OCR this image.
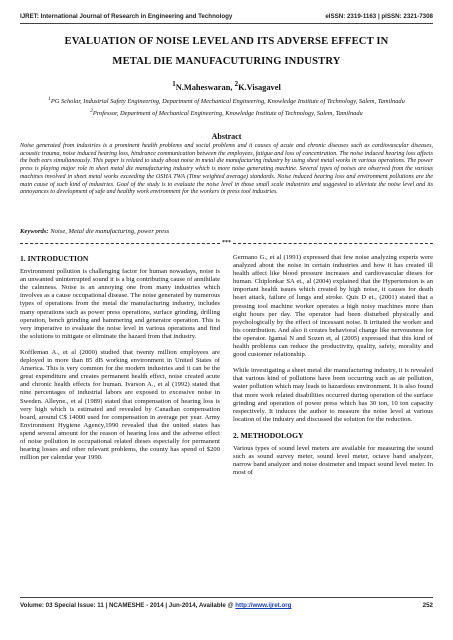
IJRET: International Journal of Research in Engineering and Technology	eISSN: 2319-1163 | pISSN: 2321-7308
EVALUATION OF NOISE LEVEL AND ITS ADVERSE EFFECT IN
METAL DIE MANUFACUTURING INDUSTRY
$^1$N.Maheswaran, $^2$K.Visagavel
$^1$PG Scholar, Industrial Safety Engineering, Department of Mechanical Engineering, Knowledge Institute of Technology, Salem, Tamilnadu
$^2$Professor, Department of Mechanical Engineering, Knowledge Institute of Technology, Salem, Tamilnadu
Abstract
Noise generated from industries is a prominent health problems and social problems and it causes of acute and chronic diseases such as cardiovascular diseases, acoustic trauma, noise induced hearing loss, hindrance communication between the employees, fatigue and loss of concentration. The noise induced hearing loss affects the both ears simultaneously. This paper is related to study about noise in metal die manufacturing industry by using sheet metal works in various operations. The power press is playing major role in sheet metal die manufacturing industry which is more noise generating machine. Several types of noises are observed from the various machines involved in sheet metal works exceeding the OSHA TWA (Time weighted average) standards. Noise induced hearing loss and environment pollutions are the main cause of such kind of industries. Goal of the study is to evaluate the noise level in those small scale industries and suggested to alleviate the noise level and its annoyances to development of safe and healthy work environment for the workers in press tool industries.
Keywords: Noise, Metal die manufacturing, power press
***
1. INTRODUCTION

Environment pollution is challenging factor for human nowadays, noise is an unwanted uninterrupted sound it is a big contributing cause of annihilate the calmness. Noise is an annoying one from many industries which involves as a cause occupational disease. The noise generated by numerous types of operations from the metal die manufacturing industry, includes many operations such as power press operations, surface grinding, drilling operation, bench grinding and hammering and generator operation. This is very imperative to evaluate the noise level in various operations and find the solutions to mitigate or eliminate the hazard from that industry.

Koffleman A., et al (2000) studied that twenty million employees are deployed in more than 85 dB working environment in United States of America. This is very common for the modern industries and it can be the great expenditure and creates permanent health effect, noise created acute and chronic health effects for human. Ivarson A., et al (1992) stated that nine percentages of industrial labors are exposed to excessive noise in Sweden. Alleyne., et al (1989) stated that compensation of hearing loss is very high which is estimated and revealed by Canadian compensation board, around C$ 14000 used for compensation in average per year. Army Environment Hygiene Agency,1990 revealed that the united states has spend several amount for the reason of hearing loss and the adverse effect of noise pollution in occupational related dieses especially for permanent hearing losses and other relevant problems, the county has spend of $200 million per calendar year 1990.

Germano G., et al (1991) expressed that few noise analyzing experts were analyzed about the noise in certain industries and how it has created ill health affect like blood pressure increases and cardiovascular dieses for human. Chiplonkar SA et., al (2004) explained that the Hypertension is an important health issues which created by high noise, it causes for death heart attack, failure of lungs and stroke. Quis D et., (2001) stated that a pressing tool machine worker operates a high noisy machines more than eight hours per day. The operator had been disturbed physically and psychologically by the effect of incessant noise. It irritated the worker and his contribution. And also it creates behavioral change like nervousness for the operator. Igamal N and Sozen et, al (2005) expressed that this kind of health problems can reduce the productivity, quality, safety, morality and good customer relationship.

While investigating a sheet metal die manufacturing industry, it is revealed that various kind of pollutions have been occurring such as air pollution, water pollution which may leads to hazardous environment. It is also found that more work related disabilities occurred during operation of the surface grinding and operation of power press which has 30 ton, 10 ton capacity respectively. It induces the author to measure the noise level at various location of the industry and discussed the solution for the reduction.

2. METHODOLOGY

Various types of sound level meters are available for measuring the sound such as sound survey meter, sound level meter, octave band analyzer, narrow band analyzer and noise dosimeter and impact sound level meter. In most of

Volume: 03 Special Issue: 11 | NCAMESHE - 2014 | Jun-2014, Available @ http://www.ijret.org	252
